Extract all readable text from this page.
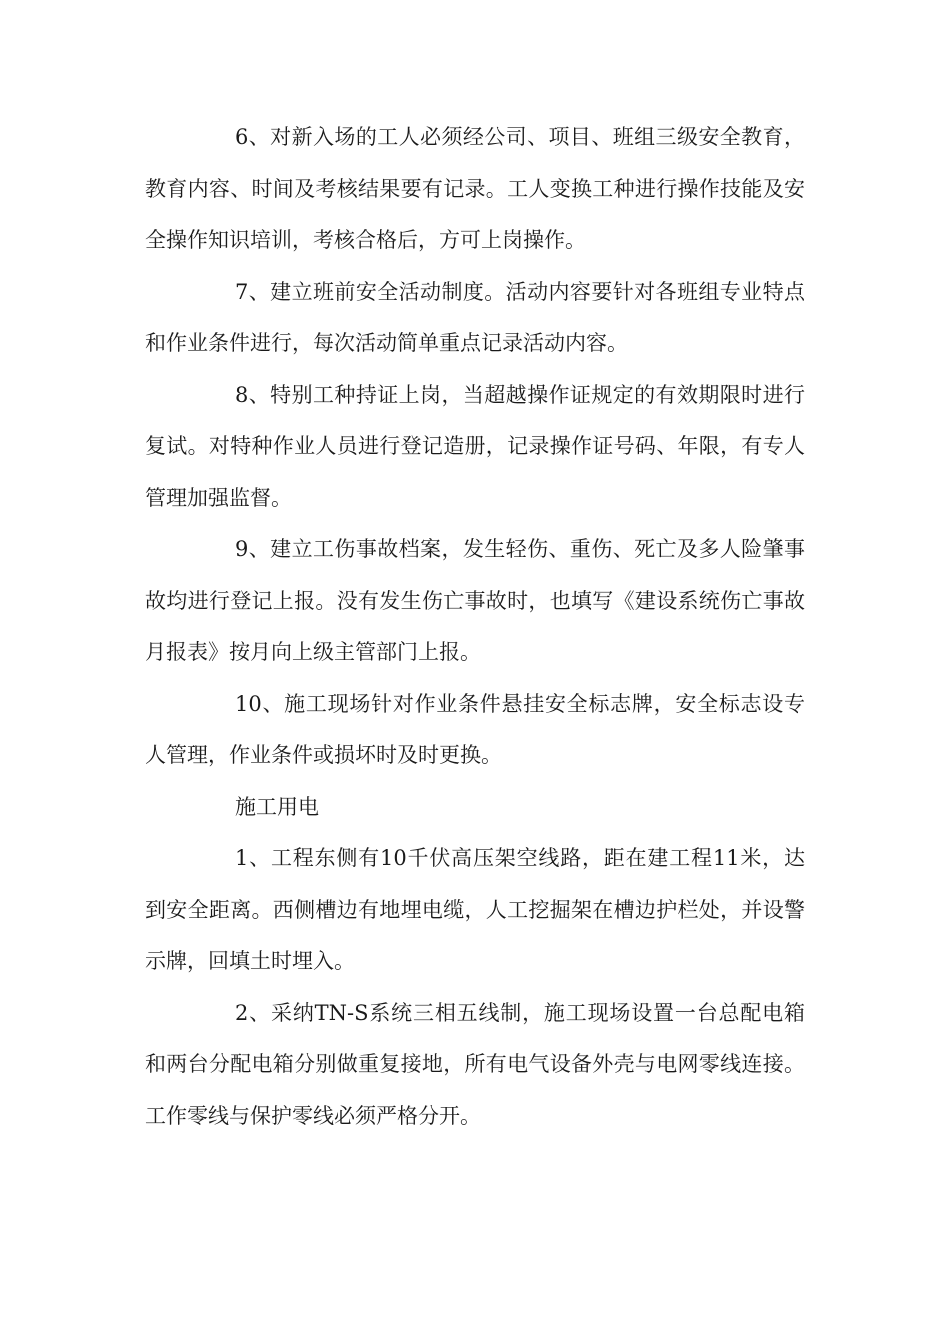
6、对新入场的工人必须经公司、项目、班组三级安全教育，教育内容、时间及考核结果要有记录。工人变换工种进行操作技能及安全操作知识培训，考核合格后，方可上岗操作。

7、建立班前安全活动制度。活动内容要针对各班组专业特点和作业条件进行，每次活动简单重点记录活动内容。

8、特别工种持证上岗，当超越操作证规定的有效期限时进行复试。对特种作业人员进行登记造册，记录操作证号码、年限，有专人管理加强监督。

9、建立工伤事故档案，发生轻伤、重伤、死亡及多人险肇事故均进行登记上报。没有发生伤亡事故时，也填写《建设系统伤亡事故月报表》按月向上级主管部门上报。

10、施工现场针对作业条件悬挂安全标志牌，安全标志设专人管理，作业条件或损坏时及时更换。

施工用电

1、工程东侧有10千伏高压架空线路，距在建工程11米，达到安全距离。西侧槽边有地埋电缆，人工挖掘架在槽边护栏处，并设警示牌，回填土时埋入。

2、采纳TN-S系统三相五线制，施工现场设置一台总配电箱和两台分配电箱分别做重复接地，所有电气设备外壳与电网零线连接。工作零线与保护零线必须严格分开。
